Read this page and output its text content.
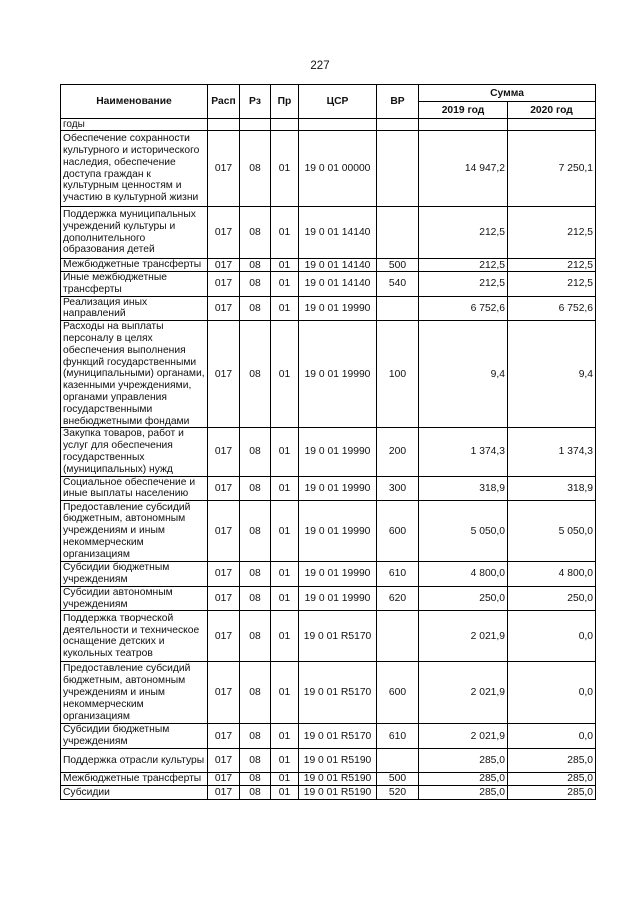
227
Наименование	Расп	Рз	Пр	ЦСР	ВР	Сумма	
						2019 год	2020 год
годы							
Обеспечение сохранности культурного и исторического наследия, обеспечение доступа граждан к культурным ценностям и участию в культурной жизни	017	08	01	19 0 01 00000		14 947,2	7 250,1
Поддержка муниципальных учреждений культуры и дополнительного образования детей	017	08	01	19 0 01 14140		212,5	212,5
Межбюджетные трансферты	017	08	01	19 0 01 14140	500	212,5	212,5
Иные межбюджетные трансферты	017	08	01	19 0 01 14140	540	212,5	212,5
Реализация иных направлений	017	08	01	19 0 01 19990		6 752,6	6 752,6
Расходы на выплаты персоналу в целях обеспечения выполнения функций государственными (муниципальными) органами, казенными учреждениями, органами управления государственными внебюджетными фондами	017	08	01	19 0 01 19990	100	9,4	9,4
Закупка товаров, работ и услуг для обеспечения государственных (муниципальных) нужд	017	08	01	19 0 01 19990	200	1 374,3	1 374,3
Социальное обеспечение и иные выплаты населению	017	08	01	19 0 01 19990	300	318,9	318,9
Предоставление субсидий бюджетным, автономным учреждениям и иным некоммерческим организациям	017	08	01	19 0 01 19990	600	5 050,0	5 050,0
Субсидии бюджетным учреждениям	017	08	01	19 0 01 19990	610	4 800,0	4 800,0
Субсидии автономным учреждениям	017	08	01	19 0 01 19990	620	250,0	250,0
Поддержка творческой деятельности и техническое оснащение детских и кукольных театров	017	08	01	19 0 01 R5170		2 021,9	0,0
Предоставление субсидий бюджетным, автономным учреждениям и иным некоммерческим организациям	017	08	01	19 0 01 R5170	600	2 021,9	0,0
Субсидии бюджетным учреждениям	017	08	01	19 0 01 R5170	610	2 021,9	0,0
Поддержка отрасли культуры	017	08	01	19 0 01 R5190		285,0	285,0
Межбюджетные трансферты	017	08	01	19 0 01 R5190	500	285,0	285,0
Субсидии	017	08	01	19 0 01 R5190	520	285,0	285,0
